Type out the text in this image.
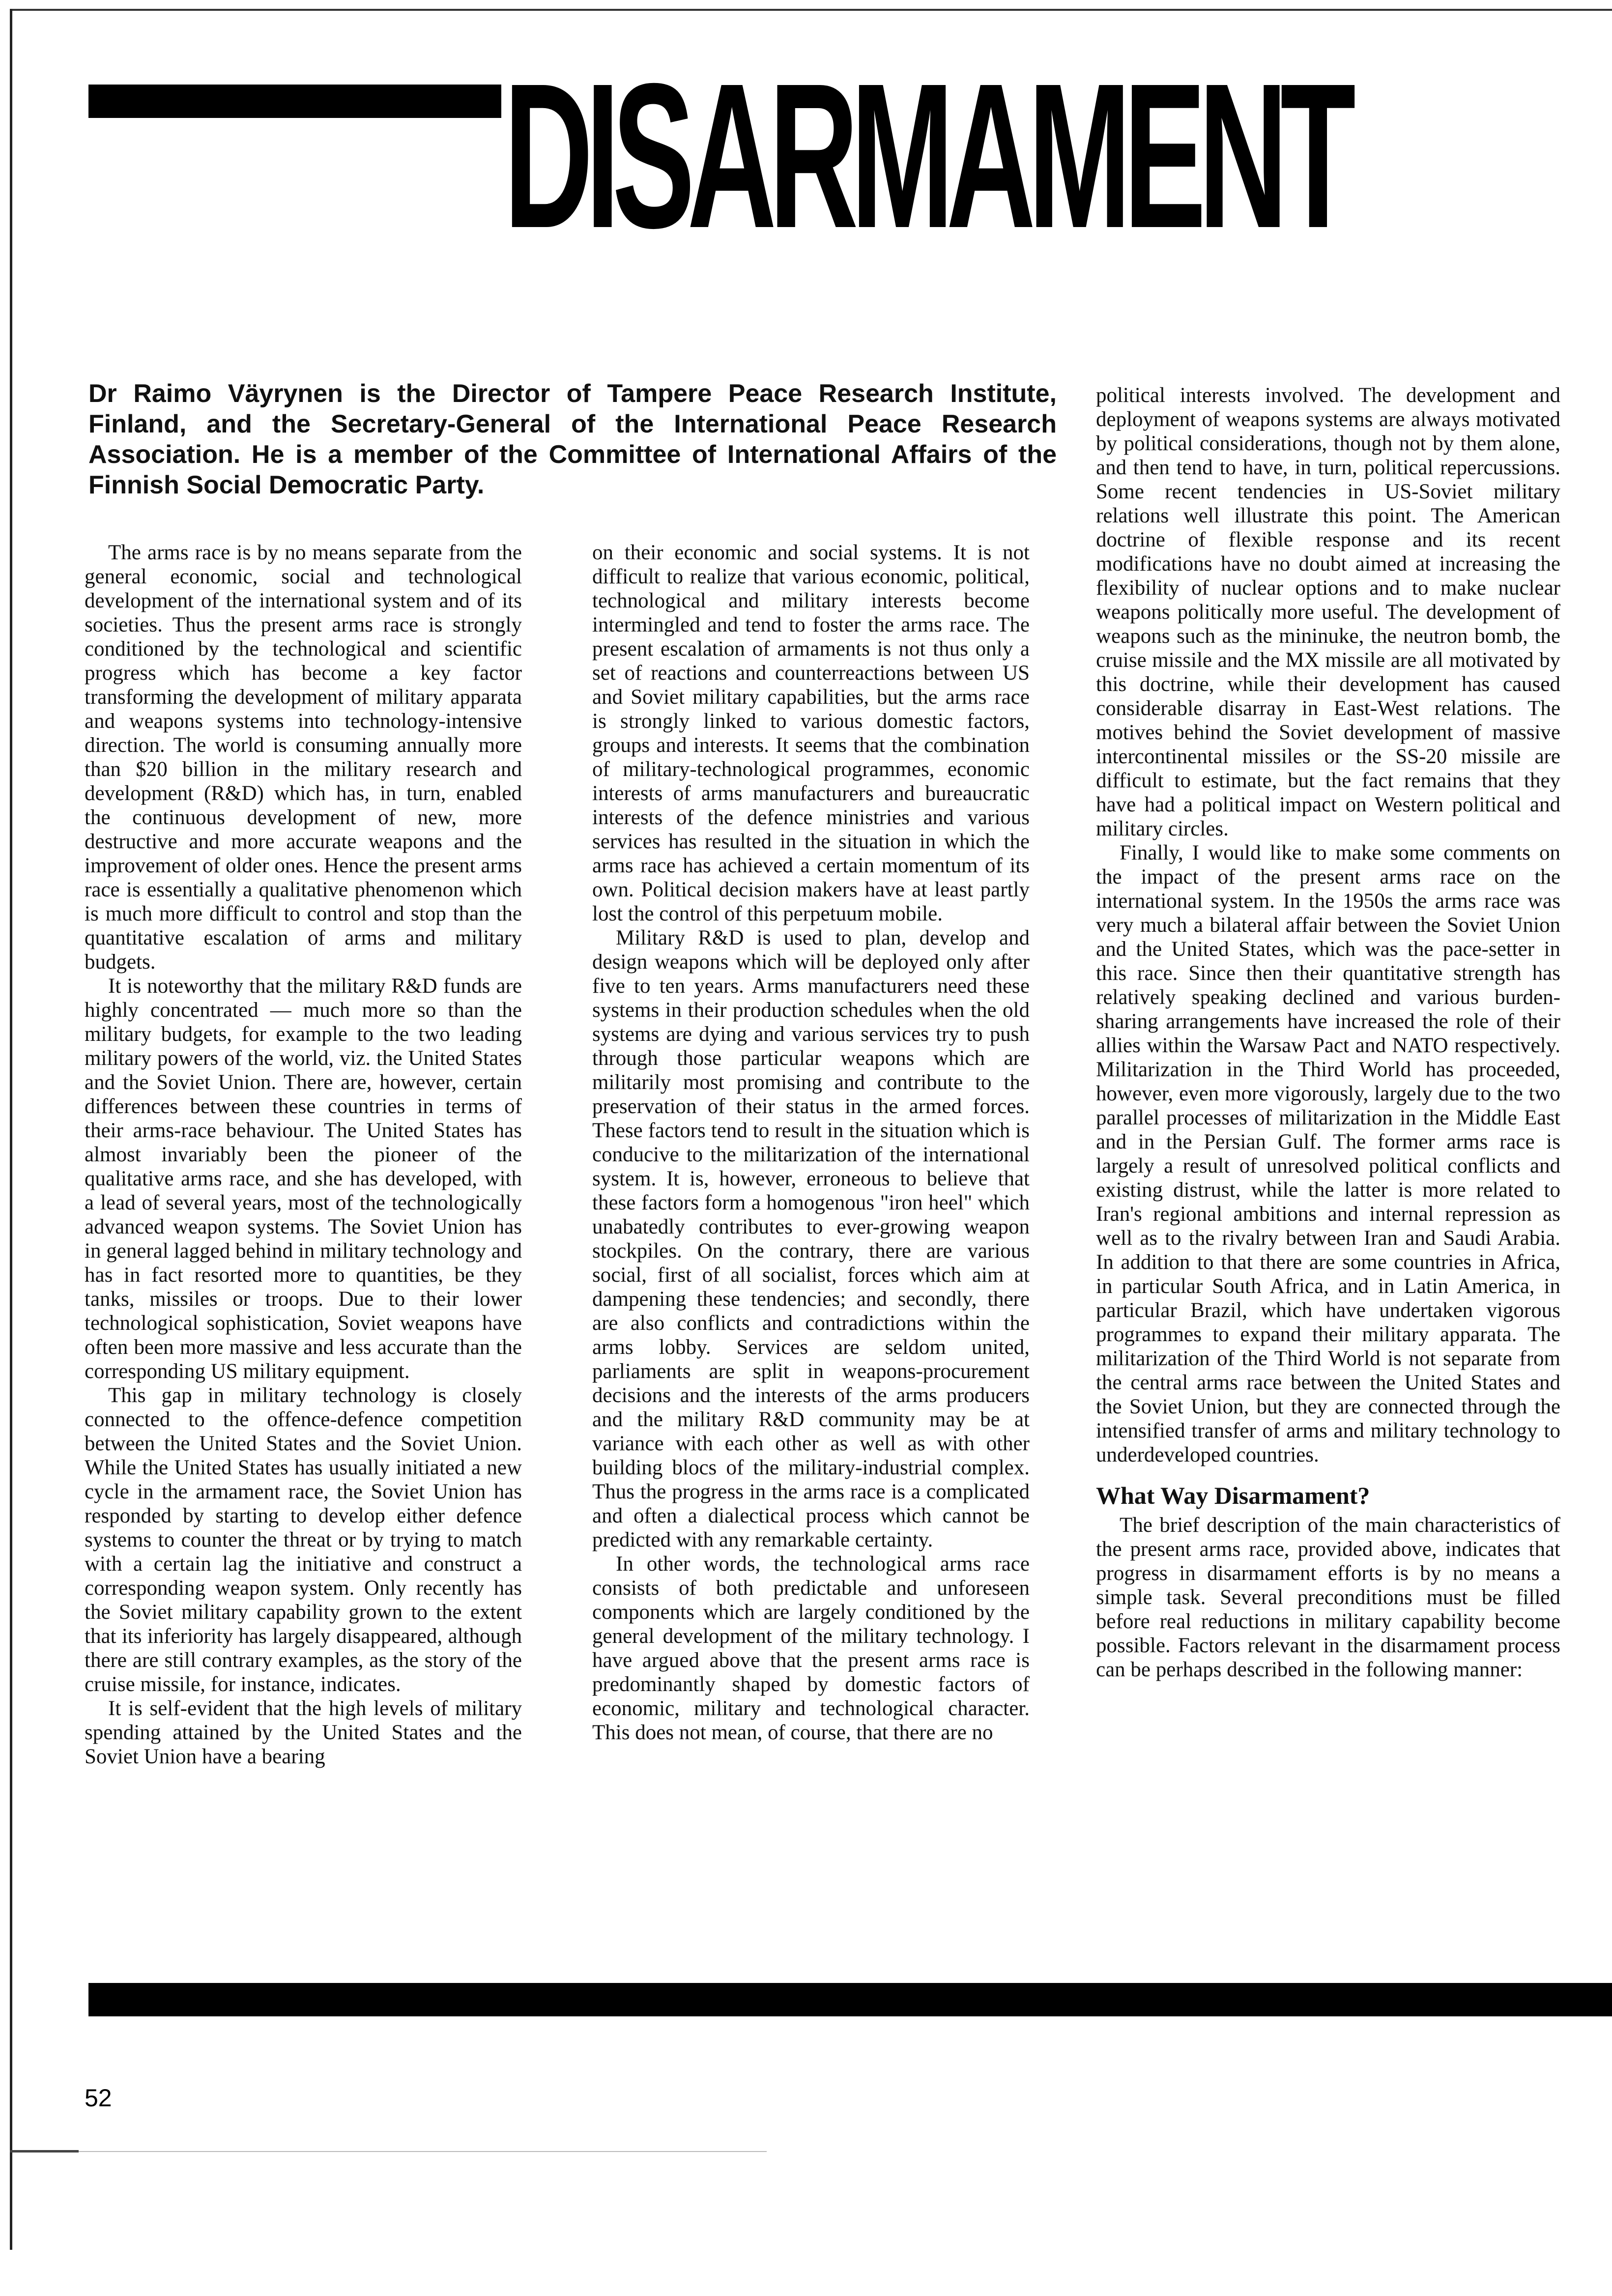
DISARMAMENT

Dr Raimo Väyrynen is the Director of Tampere Peace Research Institute, Finland, and the Secretary-General of the International Peace Research Association. He is a member of the Committee of International Affairs of the Finnish Social Democratic Party.

The arms race is by no means separate from the general economic, social and technological development of the international system and of its societies. Thus the present arms race is strongly conditioned by the technological and scientific progress which has become a key factor transforming the development of military apparata and weapons systems into technology-intensive direction. The world is consuming annually more than $20 billion in the military research and development (R&D) which has, in turn, enabled the continuous development of new, more destructive and more accurate weapons and the improvement of older ones. Hence the present arms race is essentially a qualitative phenomenon which is much more difficult to control and stop than the quantitative escalation of arms and military budgets.

It is noteworthy that the military R&D funds are highly concentrated — much more so than the military budgets, for example to the two leading military powers of the world, viz. the United States and the Soviet Union. There are, however, certain differences between these countries in terms of their arms-race behaviour. The United States has almost invariably been the pioneer of the qualitative arms race, and she has developed, with a lead of several years, most of the technologically advanced weapon systems. The Soviet Union has in general lagged behind in military technology and has in fact resorted more to quantities, be they tanks, missiles or troops. Due to their lower technological sophistication, Soviet weapons have often been more massive and less accurate than the corresponding US military equipment.

This gap in military technology is closely connected to the offence-defence competition between the United States and the Soviet Union. While the United States has usually initiated a new cycle in the armament race, the Soviet Union has responded by starting to develop either defence systems to counter the threat or by trying to match with a certain lag the initiative and construct a corresponding weapon system. Only recently has the Soviet military capability grown to the extent that its inferiority has largely disappeared, although there are still contrary examples, as the story of the cruise missile, for instance, indicates.

It is self-evident that the high levels of military spending attained by the United States and the Soviet Union have a bearing

on their economic and social systems. It is not difficult to realize that various economic, political, technological and military interests become intermingled and tend to foster the arms race. The present escalation of armaments is not thus only a set of reactions and counterreactions between US and Soviet military capabilities, but the arms race is strongly linked to various domestic factors, groups and interests. It seems that the combination of military-technological programmes, economic interests of arms manufacturers and bureaucratic interests of the defence ministries and various services has resulted in the situation in which the arms race has achieved a certain momentum of its own. Political decision makers have at least partly lost the control of this perpetuum mobile.

Military R&D is used to plan, develop and design weapons which will be deployed only after five to ten years. Arms manufacturers need these systems in their production schedules when the old systems are dying and various services try to push through those particular weapons which are militarily most promising and contribute to the preservation of their status in the armed forces. These factors tend to result in the situation which is conducive to the militarization of the international system. It is, however, erroneous to believe that these factors form a homogenous "iron heel" which unabatedly contributes to ever-growing weapon stockpiles. On the contrary, there are various social, first of all socialist, forces which aim at dampening these tendencies; and secondly, there are also conflicts and contradictions within the arms lobby. Services are seldom united, parliaments are split in weapons-procurement decisions and the interests of the arms producers and the military R&D community may be at variance with each other as well as with other building blocs of the military-industrial complex. Thus the progress in the arms race is a complicated and often a dialectical process which cannot be predicted with any remarkable certainty.

In other words, the technological arms race consists of both predictable and unforeseen components which are largely conditioned by the general development of the military technology. I have argued above that the present arms race is predominantly shaped by domestic factors of economic, military and technological character. This does not mean, of course, that there are no

political interests involved. The development and deployment of weapons systems are always motivated by political considerations, though not by them alone, and then tend to have, in turn, political repercussions. Some recent tendencies in US-Soviet military relations well illustrate this point. The American doctrine of flexible response and its recent modifications have no doubt aimed at increasing the flexibility of nuclear options and to make nuclear weapons politically more useful. The development of weapons such as the mininuke, the neutron bomb, the cruise missile and the MX missile are all motivated by this doctrine, while their development has caused considerable disarray in East-West relations. The motives behind the Soviet development of massive intercontinental missiles or the SS-20 missile are difficult to estimate, but the fact remains that they have had a political impact on Western political and military circles.

Finally, I would like to make some comments on the impact of the present arms race on the international system. In the 1950s the arms race was very much a bilateral affair between the Soviet Union and the United States, which was the pace-setter in this race. Since then their quantitative strength has relatively speaking declined and various burden-sharing arrangements have increased the role of their allies within the Warsaw Pact and NATO respectively. Militarization in the Third World has proceeded, however, even more vigorously, largely due to the two parallel processes of militarization in the Middle East and in the Persian Gulf. The former arms race is largely a result of unresolved political conflicts and existing distrust, while the latter is more related to Iran's regional ambitions and internal repression as well as to the rivalry between Iran and Saudi Arabia. In addition to that there are some countries in Africa, in particular South Africa, and in Latin America, in particular Brazil, which have undertaken vigorous programmes to expand their military apparata. The militarization of the Third World is not separate from the central arms race between the United States and the Soviet Union, but they are connected through the intensified transfer of arms and military technology to underdeveloped countries.

What Way Disarmament?

The brief description of the main characteristics of the present arms race, provided above, indicates that progress in disarmament efforts is by no means a simple task. Several preconditions must be filled before real reductions in military capability become possible. Factors relevant in the disarmament process can be perhaps described in the following manner:

52
